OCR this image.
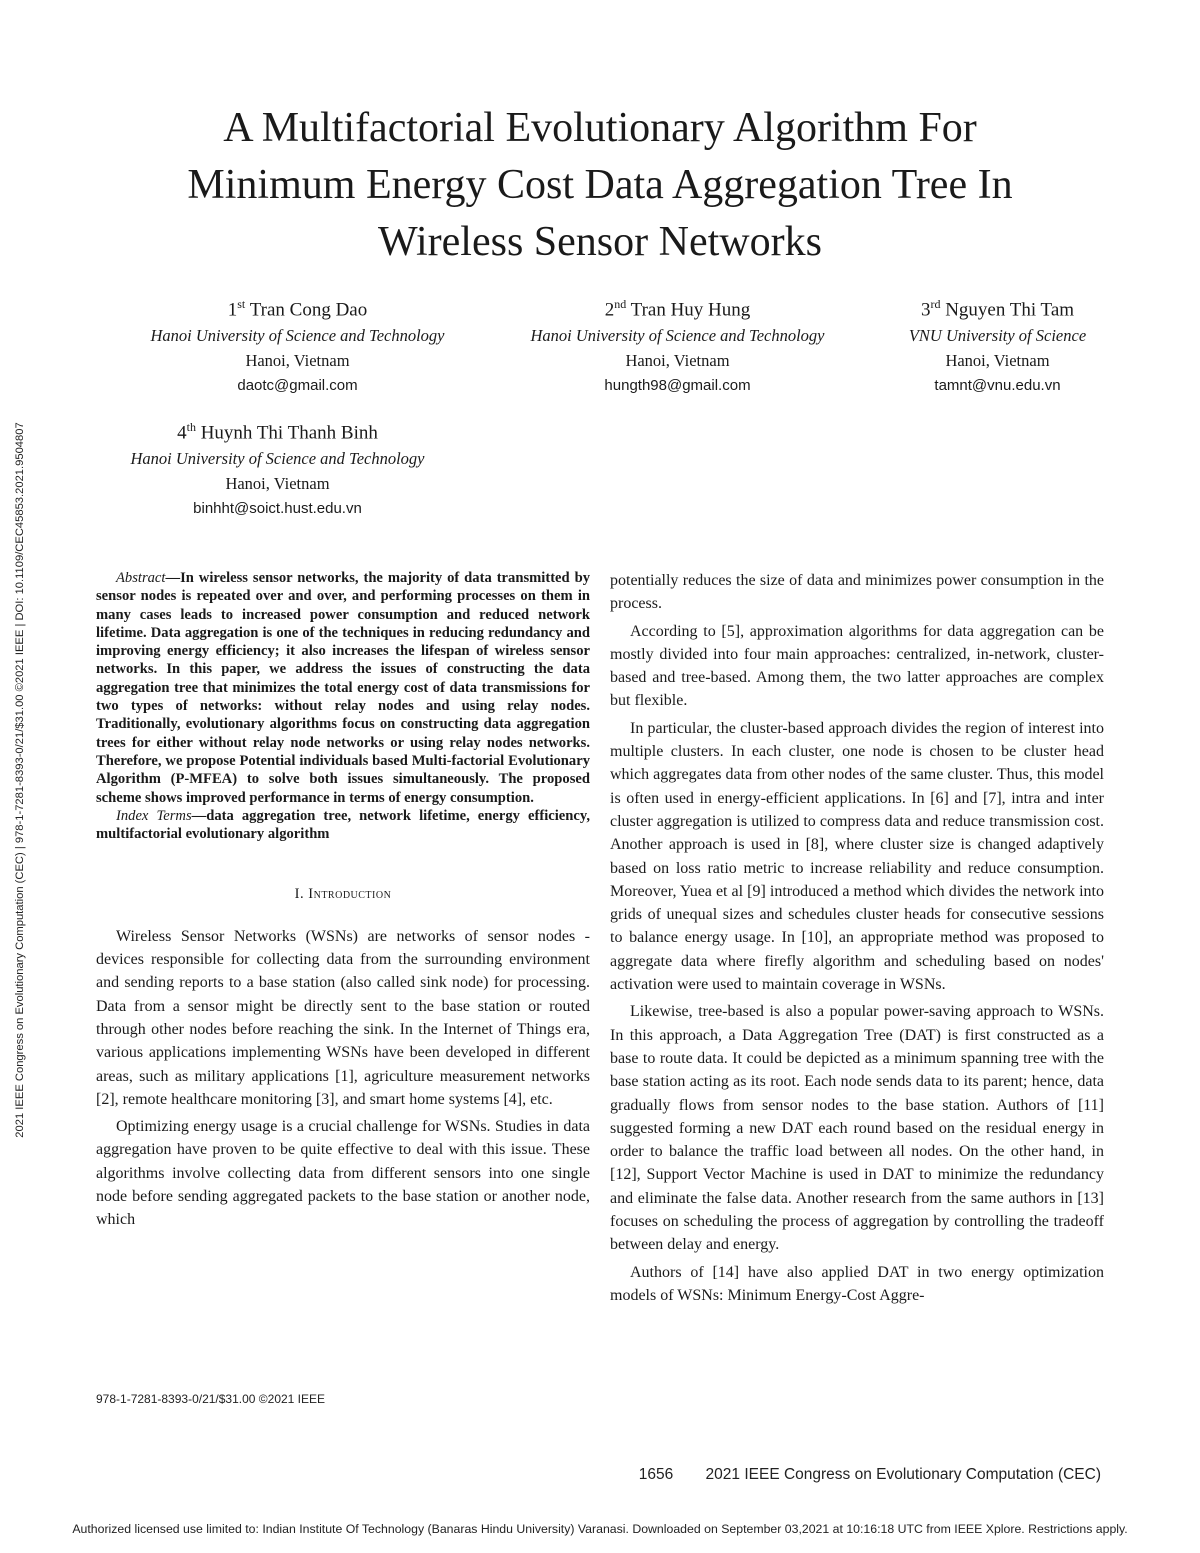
A Multifactorial Evolutionary Algorithm For
Minimum Energy Cost Data Aggregation Tree In
Wireless Sensor Networks
1st Tran Cong Dao
Hanoi University of Science and Technology
Hanoi, Vietnam
daotc@gmail.com
2nd Tran Huy Hung
Hanoi University of Science and Technology
Hanoi, Vietnam
hungth98@gmail.com
3rd Nguyen Thi Tam
VNU University of Science
Hanoi, Vietnam
tamnt@vnu.edu.vn
4th Huynh Thi Thanh Binh
Hanoi University of Science and Technology
Hanoi, Vietnam
binhht@soict.hust.edu.vn
2021 IEEE Congress on Evolutionary Computation (CEC) | 978-1-7281-8393-0/21/$31.00 ©2021 IEEE | DOI: 10.1109/CEC45853.2021.9504807	Abstract—In wireless sensor networks, the majority of data transmitted by sensor nodes is repeated over and over, and performing processes on them in many cases leads to increased power consumption and reduced network lifetime. Data aggregation is one of the techniques in reducing redundancy and improving energy efficiency; it also increases the lifespan of wireless sensor networks. In this paper, we address the issues of constructing the data aggregation tree that minimizes the total energy cost of data transmissions for two types of networks: without relay nodes and using relay nodes. Traditionally, evolutionary algorithms focus on constructing data aggregation trees for either without relay node networks or using relay nodes networks. Therefore, we propose Potential individuals based Multi-factorial Evolutionary Algorithm (P-MFEA) to solve both issues simultaneously. The proposed scheme shows improved performance in terms of energy consumption.

Index Terms—data aggregation tree, network lifetime, energy efficiency, multifactorial evolutionary algorithm

I. Introduction

Wireless Sensor Networks (WSNs) are networks of sensor nodes - devices responsible for collecting data from the surrounding environment and sending reports to a base station (also called sink node) for processing. Data from a sensor might be directly sent to the base station or routed through other nodes before reaching the sink. In the Internet of Things era, various applications implementing WSNs have been developed in different areas, such as military applications [1], agriculture measurement networks [2], remote healthcare monitoring [3], and smart home systems [4], etc.

Optimizing energy usage is a crucial challenge for WSNs. Studies in data aggregation have proven to be quite effective to deal with this issue. These algorithms involve collecting data from different sensors into one single node before sending aggregated packets to the base station or another node, which

potentially reduces the size of data and minimizes power consumption in the process.

According to [5], approximation algorithms for data aggregation can be mostly divided into four main approaches: centralized, in-network, cluster-based and tree-based. Among them, the two latter approaches are complex but flexible.

In particular, the cluster-based approach divides the region of interest into multiple clusters. In each cluster, one node is chosen to be cluster head which aggregates data from other nodes of the same cluster. Thus, this model is often used in energy-efficient applications. In [6] and [7], intra and inter cluster aggregation is utilized to compress data and reduce transmission cost. Another approach is used in [8], where cluster size is changed adaptively based on loss ratio metric to increase reliability and reduce consumption. Moreover, Yuea et al [9] introduced a method which divides the network into grids of unequal sizes and schedules cluster heads for consecutive sessions to balance energy usage. In [10], an appropriate method was proposed to aggregate data where firefly algorithm and scheduling based on nodes' activation were used to maintain coverage in WSNs.

Likewise, tree-based is also a popular power-saving approach to WSNs. In this approach, a Data Aggregation Tree (DAT) is first constructed as a base to route data. It could be depicted as a minimum spanning tree with the base station acting as its root. Each node sends data to its parent; hence, data gradually flows from sensor nodes to the base station. Authors of [11] suggested forming a new DAT each round based on the residual energy in order to balance the traffic load between all nodes. On the other hand, in [12], Support Vector Machine is used in DAT to minimize the redundancy and eliminate the false data. Another research from the same authors in [13] focuses on scheduling the process of aggregation by controlling the tradeoff between delay and energy.

Authors of [14] have also applied DAT in two energy optimization models of WSNs: Minimum Energy-Cost Aggre-

978-1-7281-8393-0/21/$31.00 ©2021 IEEE
1656 2021 IEEE Congress on Evolutionary Computation (CEC)
Authorized licensed use limited to: Indian Institute Of Technology (Banaras Hindu University) Varanasi. Downloaded on September 03,2021 at 10:16:18 UTC from IEEE Xplore. Restrictions apply.
